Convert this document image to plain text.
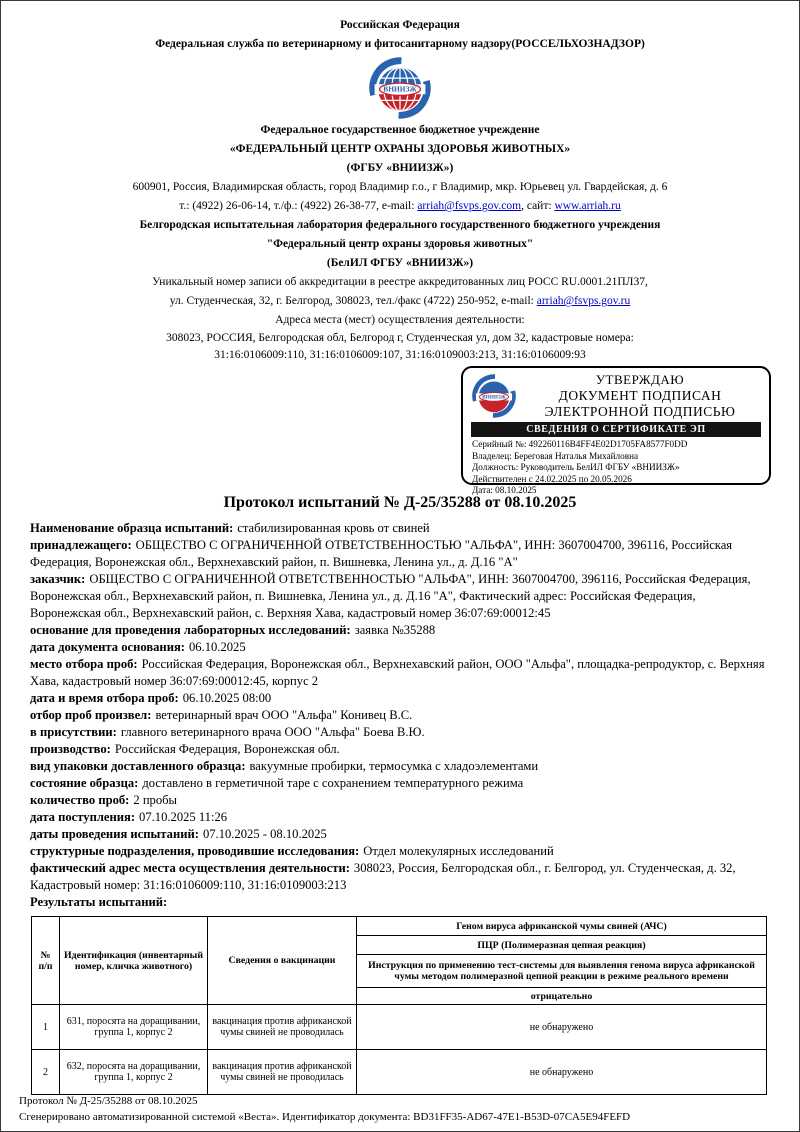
Российская Федерация
Федеральная служба по ветеринарному и фитосанитарному надзору(РОССЕЛЬХОЗНАДЗОР)
ВНИИЗЖ
Федеральное государственное бюджетное учреждение
«ФЕДЕРАЛЬНЫЙ ЦЕНТР ОХРАНЫ ЗДОРОВЬЯ ЖИВОТНЫХ»
(ФГБУ «ВНИИЗЖ»)
600901, Россия, Владимирская область, город Владимир г.о., г Владимир, мкр. Юрьевец ул. Гвардейская, д. 6
т.: (4922) 26-06-14, т./ф.: (4922) 26-38-77, e-mail: arriah@fsvps.gov.com, сайт: www.arriah.ru
Белгородская испытательная лаборатория федерального государственного бюджетного учреждения
"Федеральный центр охраны здоровья животных"
(БелИЛ ФГБУ «ВНИИЗЖ»)
Уникальный номер записи об аккредитации в реестре аккредитованных лиц РОСС RU.0001.21ПЛ37,
ул. Студенческая, 32, г. Белгород, 308023, тел./факс (4722) 250-952, e-mail: arriah@fsvps.gov.ru
Адреса места (мест) осуществления деятельности:
308023, РОССИЯ, Белгородская обл, Белгород г, Студенческая ул, дом 32, кадастровые номера:
31:16:0106009:110, 31:16:0106009:107, 31:16:0109003:213, 31:16:0106009:93
ВНИИЗЖ
УТВЕРЖДАЮ
ДОКУМЕНТ ПОДПИСАН
ЭЛЕКТРОННОЙ ПОДПИСЬЮ
СВЕДЕНИЯ О СЕРТИФИКАТЕ ЭП
Серийный №: 492260116B4FF4E02D1705FA8577F0DD
Владелец: Береговая Наталья Михайловна
Должность: Руководитель БелИЛ ФГБУ «ВНИИЗЖ»
Действителен с 24.02.2025 по 20.05.2026
Дата: 08.10.2025
Протокол испытаний № Д-25/35288 от 08.10.2025

Наименование образца испытаний: стабилизированная кровь от свиней

принадлежащего: ОБЩЕСТВО С ОГРАНИЧЕННОЙ ОТВЕТСТВЕННОСТЬЮ "АЛЬФА", ИНН: 3607004700, 396116, Российская Федерация, Воронежская обл., Верхнехавский район, п. Вишневка, Ленина ул., д. Д.16 "А"

заказчик: ОБЩЕСТВО С ОГРАНИЧЕННОЙ ОТВЕТСТВЕННОСТЬЮ "АЛЬФА", ИНН: 3607004700, 396116, Российская Федерация, Воронежская обл., Верхнехавский район, п. Вишневка, Ленина ул., д. Д.16 "А", Фактический адрес: Российская Федерация, Воронежская обл., Верхнехавский район, с. Верхняя Хава, кадастровый номер 36:07:69:00012:45

основание для проведения лабораторных исследований: заявка №35288

дата документа основания: 06.10.2025

место отбора проб: Российская Федерация, Воронежская обл., Верхнехавский район, ООО "Альфа", площадка-репродуктор, с. Верхняя Хава, кадастровый номер 36:07:69:00012:45, корпус 2

дата и время отбора проб: 06.10.2025 08:00

отбор проб произвел: ветеринарный врач ООО "Альфа" Конивец В.С.

в присутствии: главного ветеринарного врача ООО "Альфа" Боева В.Ю.

производство: Российская Федерация, Воронежская обл.

вид упаковки доставленного образца: вакуумные пробирки, термосумка с хладоэлементами

состояние образца: доставлено в герметичной таре с сохранением температурного режима

количество проб: 2 пробы

дата поступления: 07.10.2025 11:26

даты проведения испытаний: 07.10.2025 - 08.10.2025

структурные подразделения, проводившие исследования: Отдел молекулярных исследований

фактический адрес места осуществления деятельности: 308023, Россия, Белгородская обл., г. Белгород, ул. Студенческая, д. 32, Кадастровый номер: 31:16:0106009:110, 31:16:0109003:213

Результаты испытаний:

№ п/п	Идентификация (инвентарный номер, кличка животного)	Сведения о вакцинации	Геном вируса африканской чумы свиней (АЧС)
			ПЦР (Полимеразная цепная реакция)
			Инструкция по применению тест-системы для выявления генома вируса африканской чумы методом полимеразной цепной реакции в режиме реального времени
			отрицательно
1	631, поросята на доращивании, группа 1, корпус 2	вакцинация против африканской чумы свиней не проводилась	не обнаружено
2	632, поросята на доращивании, группа 1, корпус 2	вакцинация против африканской чумы свиней не проводилась	не обнаружено
Протокол № Д-25/35288 от 08.10.2025
Сгенерировано автоматизированной системой «Веста». Идентификатор документа: BD31FF35-AD67-47E1-B53D-07CA5E94FEFD
